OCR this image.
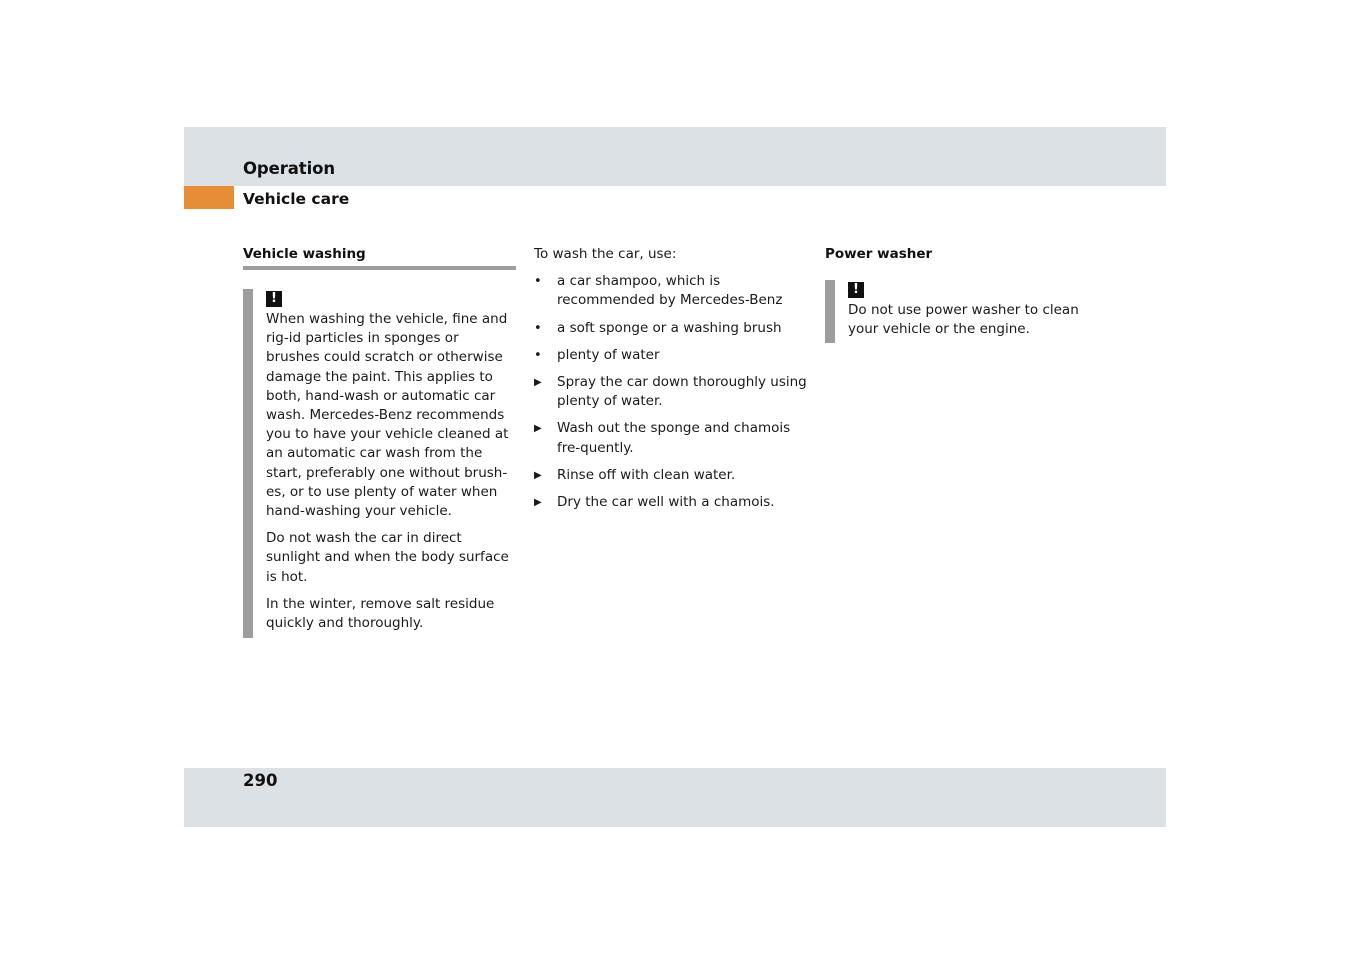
Operation
Vehicle care
Vehicle washing
!

When washing the vehicle, fine and rig-id particles in sponges or brushes could scratch or otherwise damage the paint. This applies to both, hand-wash or automatic car wash. Mercedes-Benz recommends you to have your vehicle cleaned at an automatic car wash from the start, preferably one without brush-es, or to use plenty of water when hand-washing your vehicle.

Do not wash the car in direct sunlight and when the body surface is hot.

In the winter, remove salt residue quickly and thoroughly.

To wash the car, use:

•	a car shampoo, which is recommended by Mercedes-Benz
•	a soft sponge or a washing brush
•	plenty of water
▶	Spray the car down thoroughly using plenty of water.
▶	Wash out the sponge and chamois fre-quently.
▶	Rinse off with clean water.
▶	Dry the car well with a chamois.
Power washer
!

Do not use power washer to clean your vehicle or the engine.

290
